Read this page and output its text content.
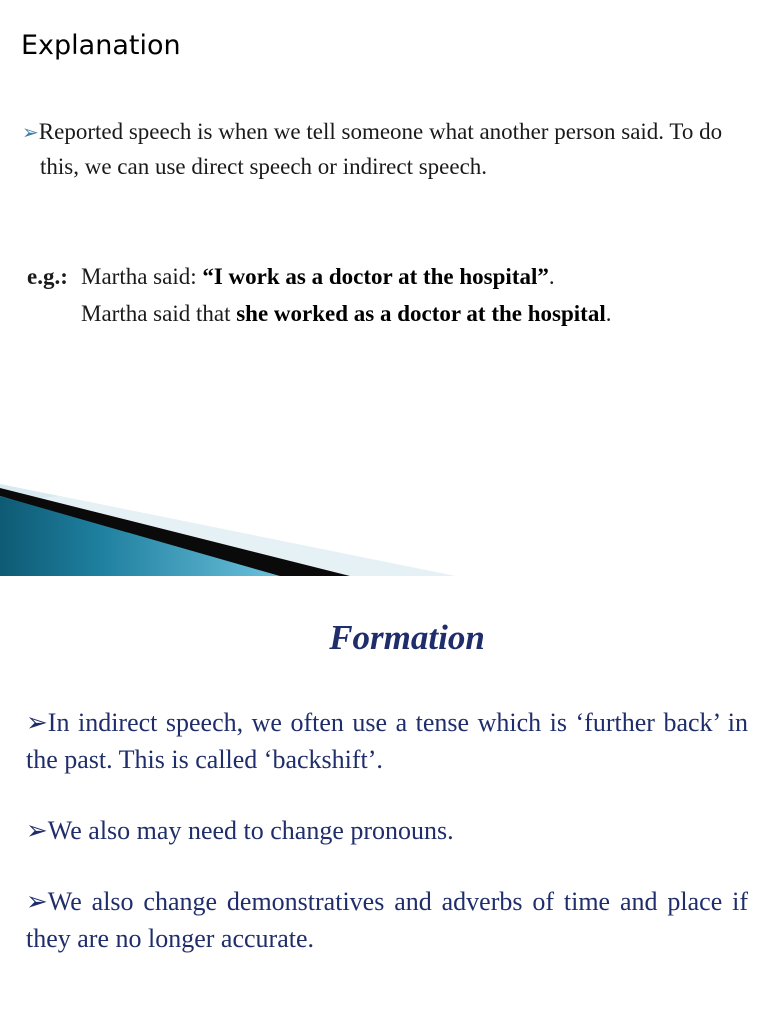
Explanation

➢Reported speech is when we tell someone what another person said. To do this, we can use direct speech or indirect speech.

e.g.: Martha said: “I work as a doctor at the hospital”.
Martha said that she worked as a doctor at the hospital.
Formation

➢In indirect speech, we often use a tense which is ‘further back’ in the past. This is called ‘backshift’.

➢We also may need to change pronouns.

➢We also change demonstratives and adverbs of time and place if they are no longer accurate.
